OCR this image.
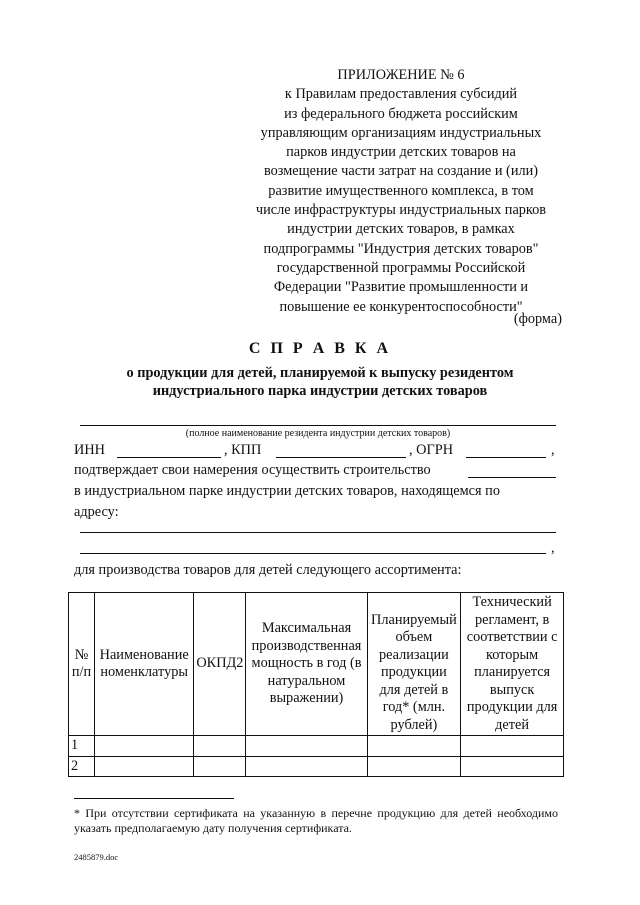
ПРИЛОЖЕНИЕ № 6
к Правилам предоставления субсидий
из федерального бюджета российским
управляющим организациям индустриальных
парков индустрии детских товаров на
возмещение части затрат на создание и (или)
развитие имущественного комплекса, в том
числе инфраструктуры индустриальных парков
индустрии детских товаров, в рамках
подпрограммы "Индустрия детских товаров"
государственной программы Российской
Федерации "Развитие промышленности и
повышение ее конкурентоспособности"
(форма)
С П Р А В К А
о продукции для детей, планируемой к выпуску резидентом
индустриального парка индустрии детских товаров
(полное наименование резидента индустрии детских товаров)
ИНН	, КПП	, ОГРН	,
подтверждает свои намерения осуществить строительство
в индустриальном парке индустрии детских товаров, находящемся по
адресу:
,
для производства товаров для детей следующего ассортимента:
№ п/п	Наименование номенклатуры	ОКПД2	Максимальная производственная мощность в год (в натуральном выражении)	Планируемый объем реализации продукции для детей в год* (млн. рублей)	Технический регламент, в соответствии с которым планируется выпуск продукции для детей
1					
2					
* При отсутствии сертификата на указанную в перечне продукцию для детей необходимо указать предполагаемую дату получения сертификата.
2485879.doc
